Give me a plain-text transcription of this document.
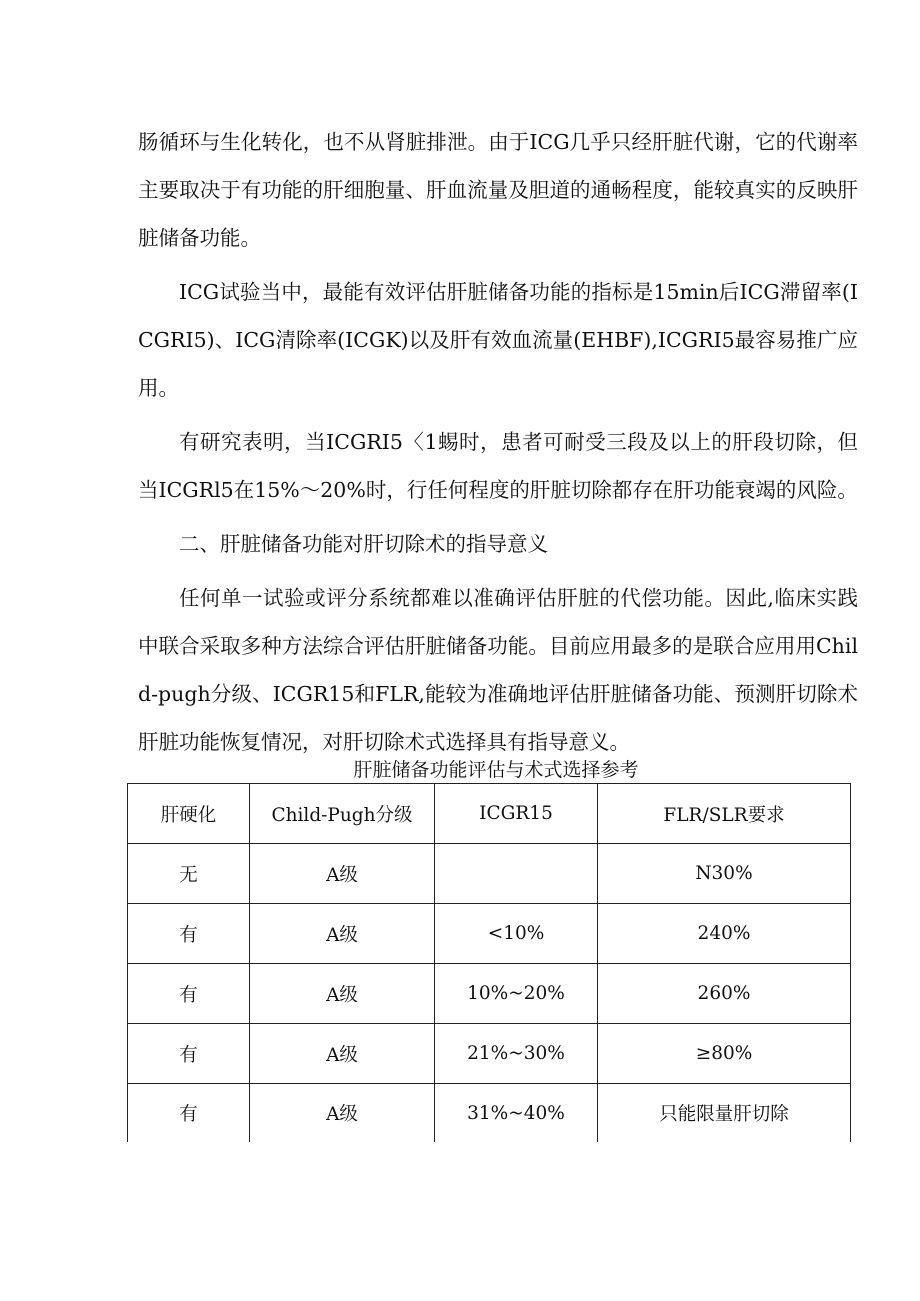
肠循环与生化转化，也不从肾脏排泄。由于ICG几乎只经肝脏代谢，它的代谢率主要取决于有功能的肝细胞量、肝血流量及胆道的通畅程度，能较真实的反映肝脏储备功能。

ICG试验当中，最能有效评估肝脏储备功能的指标是15min后ICG滞留率(ICGRI5)、ICG清除率(ICGK)以及肝有效血流量(EHBF),ICGRI5最容易推广应用。

有研究表明，当ICGRI5〈1蜴时，患者可耐受三段及以上的肝段切除，但当ICGRl5在15%～20%时，行任何程度的肝脏切除都存在肝功能衰竭的风险。

二、肝脏储备功能对肝切除术的指导意义

任何单一试验或评分系统都难以准确评估肝脏的代偿功能。因此,临床实践中联合采取多种方法综合评估肝脏储备功能。目前应用最多的是联合应用用Child-pugh分级、ICGR15和FLR,能较为准确地评估肝脏储备功能、预测肝切除术肝脏功能恢复情况，对肝切除术式选择具有指导意义。

肝脏储备功能评估与术式选择参考
肝硬化	Child-Pugh分级	ICGR15	FLR/SLR要求
无	A级		N30%
有	A级	<10%	240%
有	A级	10%~20%	260%
有	A级	21%~30%	≥80%
有	A级	31%~40%	只能限量肝切除
